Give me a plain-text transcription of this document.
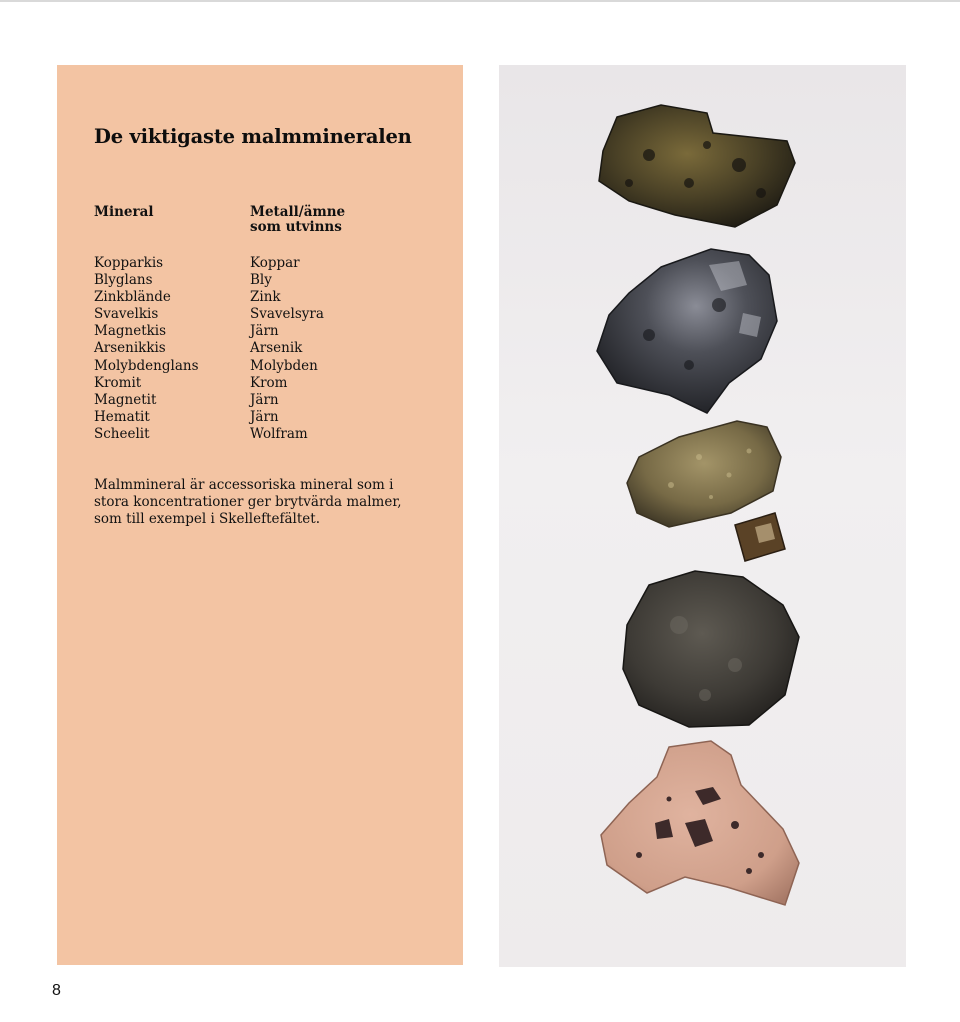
De viktigaste malmmineralen
Mineral	Metall/ämne
som utvinns
Kopparkis
Blyglans
Zinkblände
Svavelkis
Magnetkis
Arsenikkis
Molybdenglans
Kromit
Magnetit
Hematit
Scheelit
Koppar
Bly
Zink
Svavelsyra
Järn
Arsenik
Molybden
Krom
Järn
Järn
Wolfram

Malmmineral är accessoriska mineral som i stora koncentrationer ger brytvärda malmer, som till exempel i Skelleftefältet.

8
